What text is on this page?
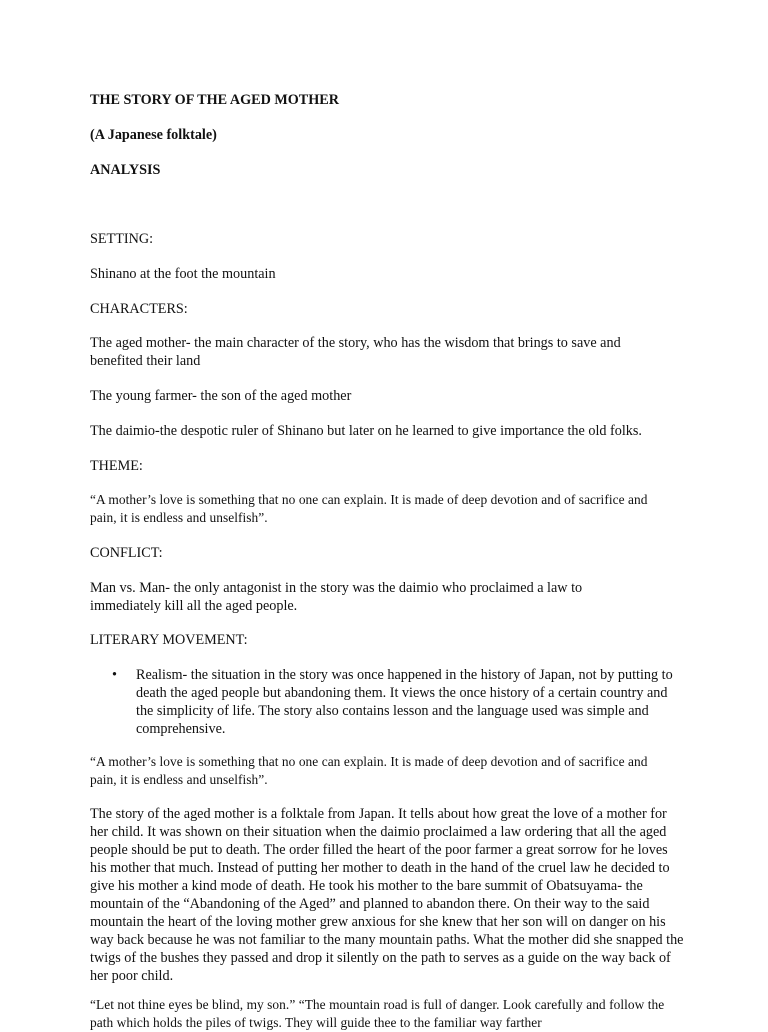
THE STORY OF THE AGED MOTHER

(A Japanese folktale)

ANALYSIS

SETTING:

Shinano at the foot the mountain

CHARACTERS:

The aged mother- the main character of the story, who has the wisdom that brings to save and benefited their land

The young farmer- the son of the aged mother

The daimio-the despotic ruler of Shinano but later on he learned to give importance the old folks.

THEME:

“A mother’s love is something that no one can explain. It is made of deep devotion and of sacrifice and pain, it is endless and unselfish”.

CONFLICT:

Man vs. Man- the only antagonist in the story was the daimio who proclaimed a law to immediately kill all the aged people.

LITERARY MOVEMENT:

• Realism- the situation in the story was once happened in the history of Japan, not by putting to death the aged people but abandoning them. It views the once history of a certain country and the simplicity of life. The story also contains lesson and the language used was simple and comprehensive.

“A mother’s love is something that no one can explain. It is made of deep devotion and of sacrifice and pain, it is endless and unselfish”.

The story of the aged mother is a folktale from Japan. It tells about how great the love of a mother for her child. It was shown on their situation when the daimio proclaimed a law ordering that all the aged people should be put to death. The order filled the heart of the poor farmer a great sorrow for he loves his mother that much. Instead of putting her mother to death in the hand of the cruel law he decided to give his mother a kind mode of death. He took his mother to the bare summit of Obatsuyama- the mountain of the “Abandoning of the Aged” and planned to abandon there. On their way to the said mountain the heart of the loving mother grew anxious for she knew that her son will on danger on his way back because he was not familiar to the many mountain paths. What the mother did she snapped the twigs of the bushes they passed and drop it silently on the path to serves as a guide on the way back of her poor child.

“Let not thine eyes be blind, my son.” “The mountain road is full of danger. Look carefully and follow the path which holds the piles of twigs. They will guide thee to the familiar way farther
